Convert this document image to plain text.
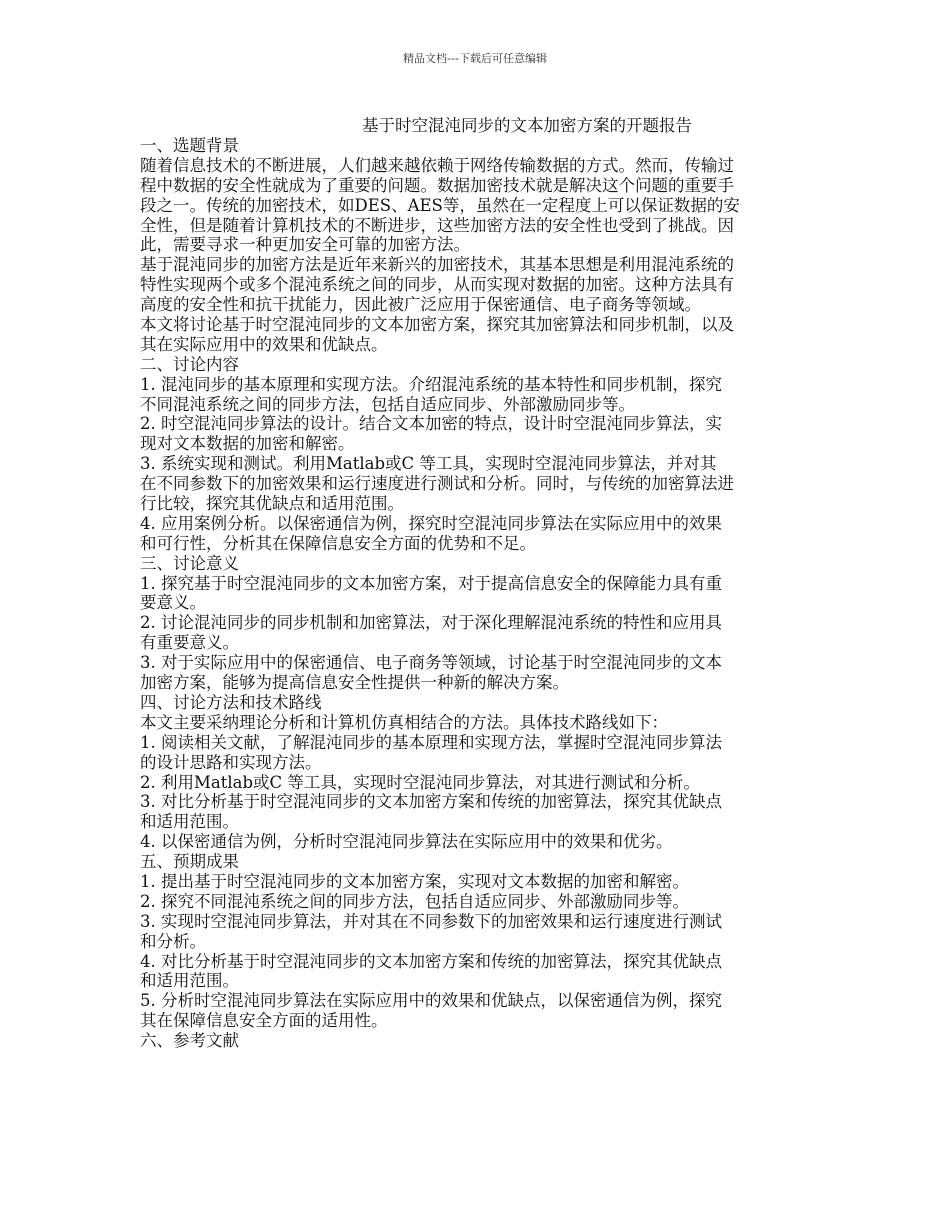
精品文档---下载后可任意编辑
基于时空混沌同步的文本加密方案的开题报告
一、选题背景
随着信息技术的不断进展，人们越来越依赖于网络传输数据的方式。然而，传输过
程中数据的安全性就成为了重要的问题。数据加密技术就是解决这个问题的重要手
段之一。传统的加密技术，如DES、AES等，虽然在一定程度上可以保证数据的安
全性，但是随着计算机技术的不断进步，这些加密方法的安全性也受到了挑战。因
此，需要寻求一种更加安全可靠的加密方法。
基于混沌同步的加密方法是近年来新兴的加密技术，其基本思想是利用混沌系统的
特性实现两个或多个混沌系统之间的同步，从而实现对数据的加密。这种方法具有
高度的安全性和抗干扰能力，因此被广泛应用于保密通信、电子商务等领域。
本文将讨论基于时空混沌同步的文本加密方案，探究其加密算法和同步机制，以及
其在实际应用中的效果和优缺点。
二、讨论内容
1. 混沌同步的基本原理和实现方法。介绍混沌系统的基本特性和同步机制，探究
不同混沌系统之间的同步方法，包括自适应同步、外部激励同步等。
2. 时空混沌同步算法的设计。结合文本加密的特点，设计时空混沌同步算法，实
现对文本数据的加密和解密。
3. 系统实现和测试。利用Matlab或C 等工具，实现时空混沌同步算法，并对其
在不同参数下的加密效果和运行速度进行测试和分析。同时，与传统的加密算法进
行比较，探究其优缺点和适用范围。
4. 应用案例分析。以保密通信为例，探究时空混沌同步算法在实际应用中的效果
和可行性，分析其在保障信息安全方面的优势和不足。
三、讨论意义
1. 探究基于时空混沌同步的文本加密方案，对于提高信息安全的保障能力具有重
要意义。
2. 讨论混沌同步的同步机制和加密算法，对于深化理解混沌系统的特性和应用具
有重要意义。
3. 对于实际应用中的保密通信、电子商务等领域，讨论基于时空混沌同步的文本
加密方案，能够为提高信息安全性提供一种新的解决方案。
四、讨论方法和技术路线
本文主要采纳理论分析和计算机仿真相结合的方法。具体技术路线如下：
1. 阅读相关文献，了解混沌同步的基本原理和实现方法，掌握时空混沌同步算法
的设计思路和实现方法。
2. 利用Matlab或C 等工具，实现时空混沌同步算法，对其进行测试和分析。
3. 对比分析基于时空混沌同步的文本加密方案和传统的加密算法，探究其优缺点
和适用范围。
4. 以保密通信为例，分析时空混沌同步算法在实际应用中的效果和优劣。
五、预期成果
1. 提出基于时空混沌同步的文本加密方案，实现对文本数据的加密和解密。
2. 探究不同混沌系统之间的同步方法，包括自适应同步、外部激励同步等。
3. 实现时空混沌同步算法，并对其在不同参数下的加密效果和运行速度进行测试
和分析。
4. 对比分析基于时空混沌同步的文本加密方案和传统的加密算法，探究其优缺点
和适用范围。
5. 分析时空混沌同步算法在实际应用中的效果和优缺点，以保密通信为例，探究
其在保障信息安全方面的适用性。
六、参考文献
